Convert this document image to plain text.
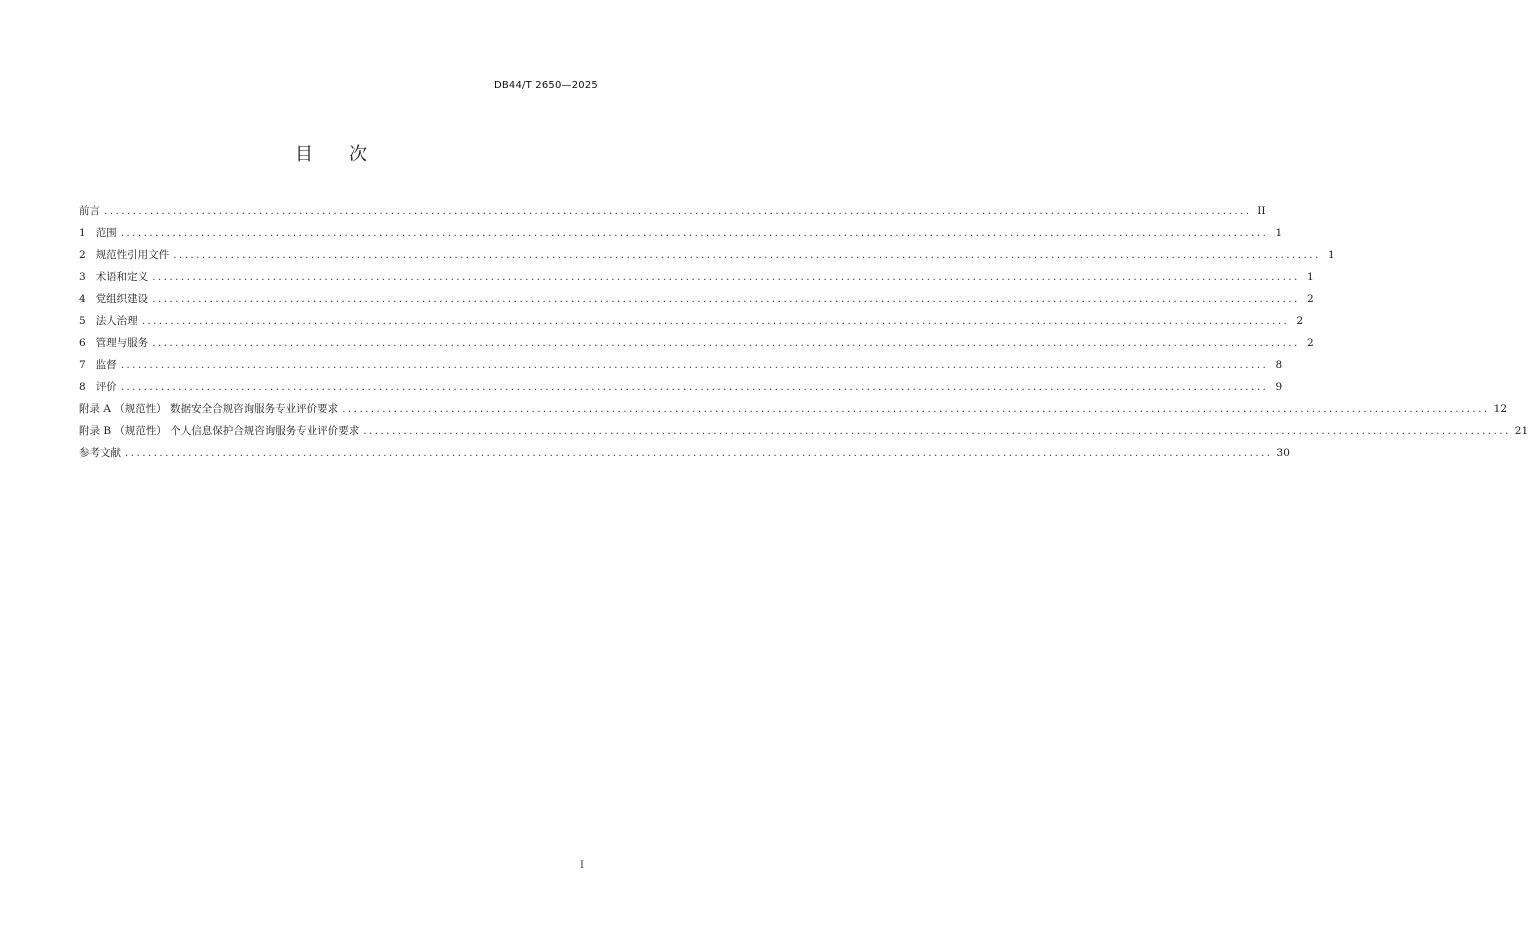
DB44/T 2650—2025
目 次
前言 ........................................................................................................................................................................................................ II
1 范围 ........................................................................................................................................................................................................ 1
2 规范性引用文件 ........................................................................................................................................................................................................ 1
3 术语和定义 ........................................................................................................................................................................................................ 1
4 党组织建设 ........................................................................................................................................................................................................ 2
5 法人治理 ........................................................................................................................................................................................................ 2
6 管理与服务 ........................................................................................................................................................................................................ 2
7 监督 ........................................................................................................................................................................................................ 8
8 评价 ........................................................................................................................................................................................................ 9
附录 A （规范性） 数据安全合规咨询服务专业评价要求 ........................................................................................................................................................................................................ 12
附录 B （规范性） 个人信息保护合规咨询服务专业评价要求 ........................................................................................................................................................................................................ 21
参考文献 ........................................................................................................................................................................................................ 30
I
